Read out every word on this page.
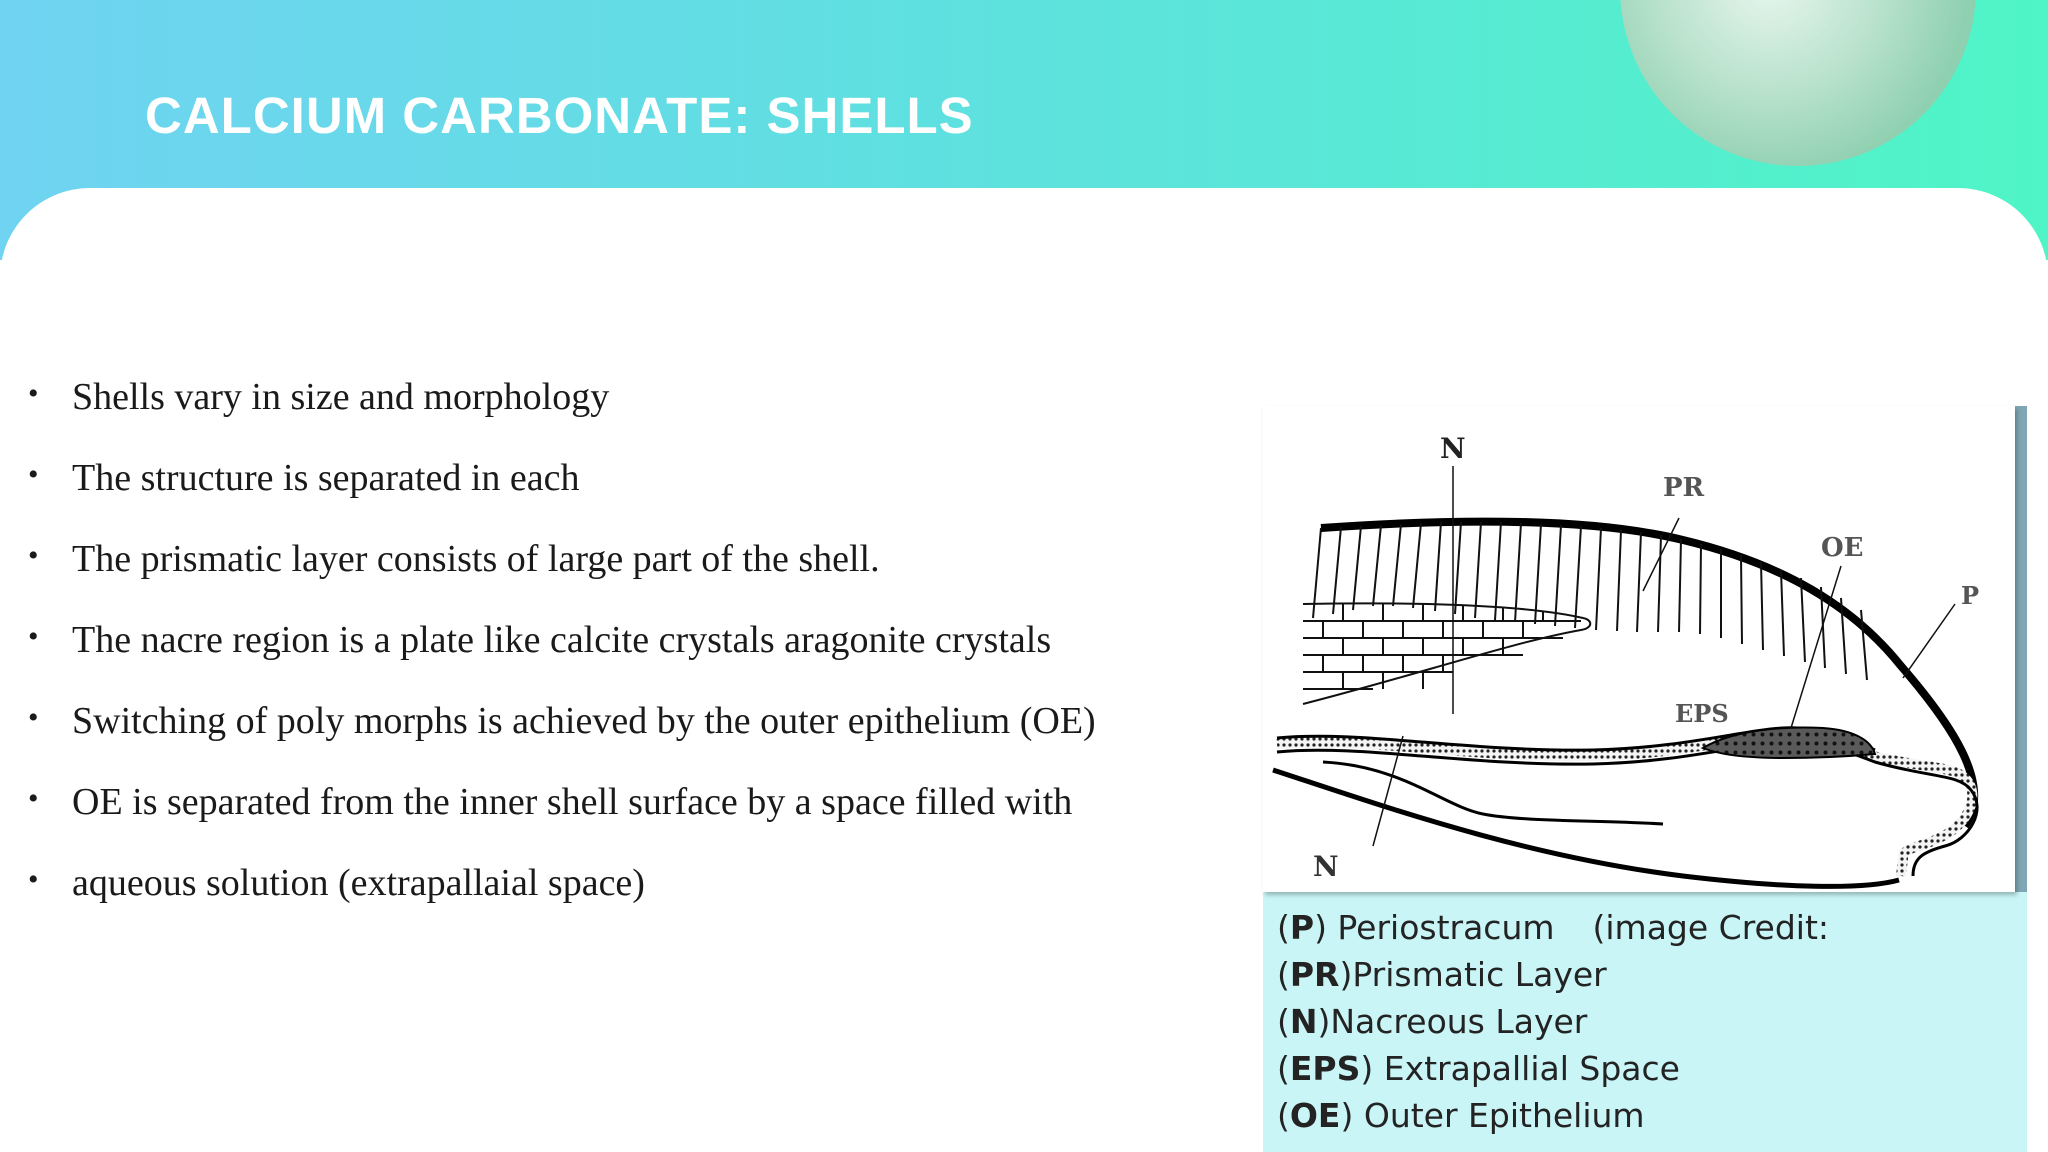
CALCIUM CARBONATE: SHELLS
• Shells vary in size and morphology
• The structure is separated in each
• The prismatic layer consists of large part of the shell.
• The nacre region is a plate like calcite crystals aragonite crystals
• Switching of poly morphs is achieved by the outer epithelium (OE)
• OE is separated from the inner shell surface by a space filled with
• aqueous solution (extrapallaial space)
N
PR
OE
P
EPS
N
(P) Periostracum (image Credit:
(PR)Prismatic Layer
(N)Nacreous Layer
(EPS) Extrapallial Space
(OE) Outer Epithelium
